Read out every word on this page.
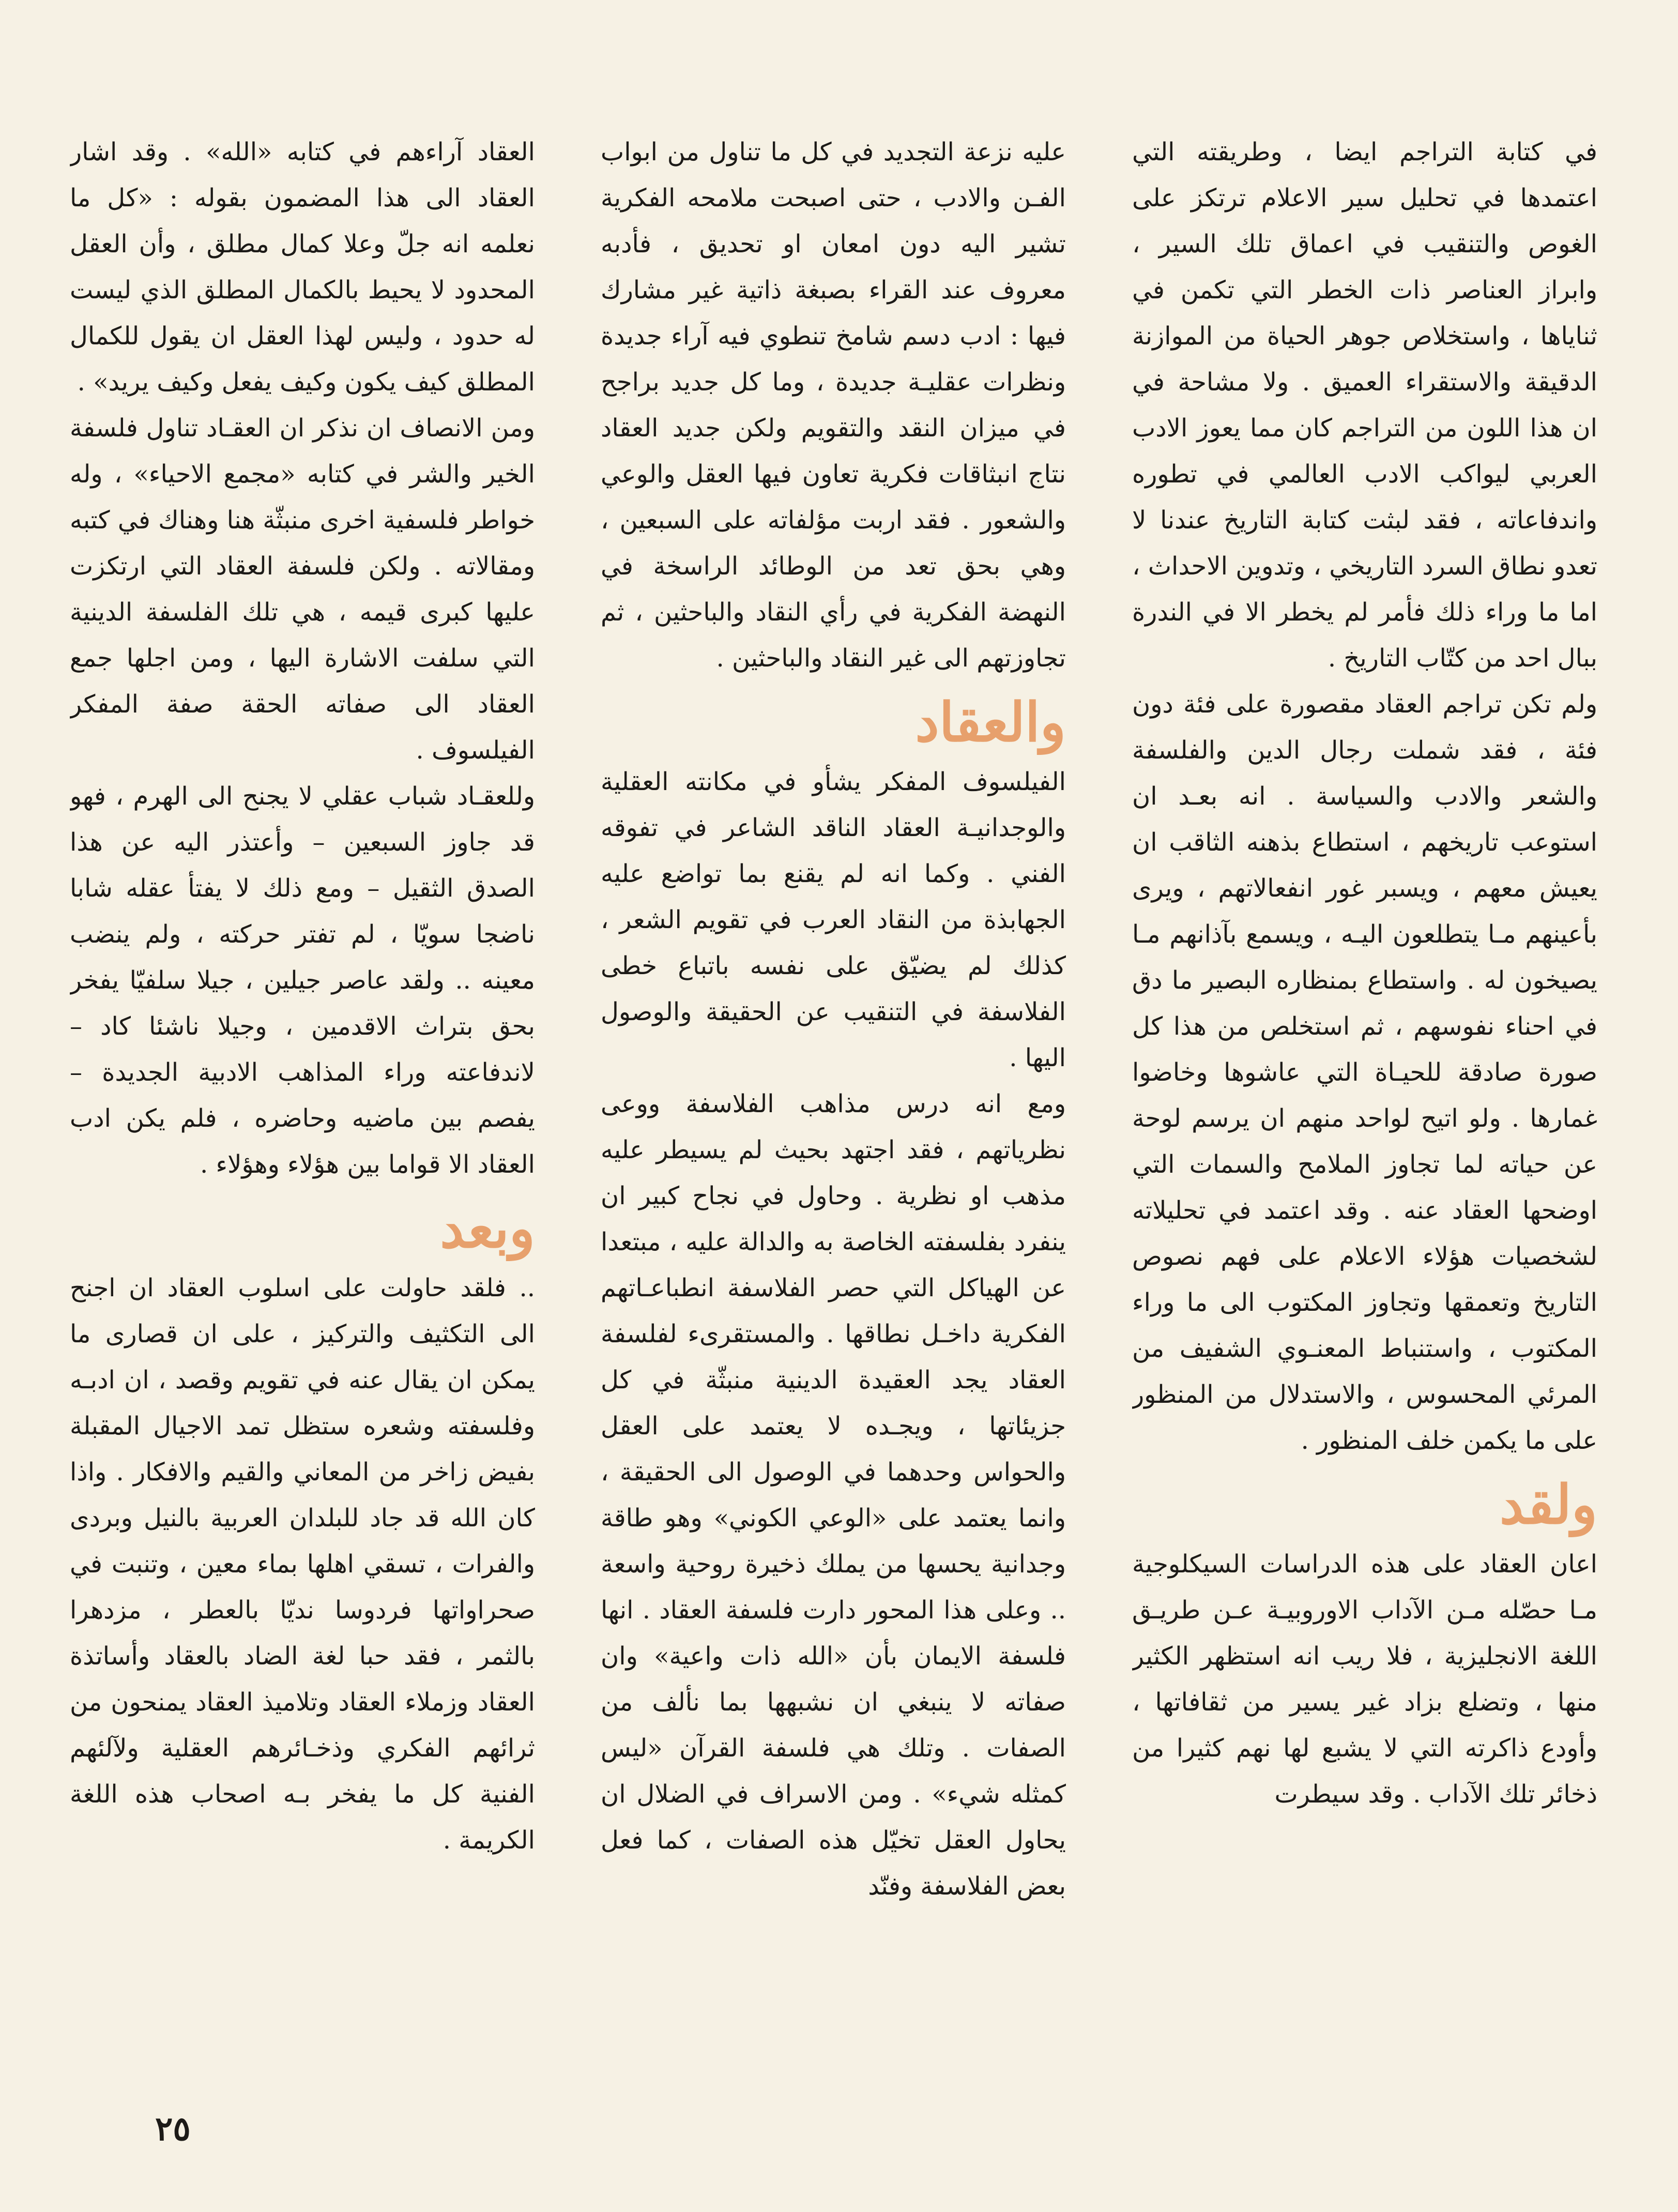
في كتابة التراجم ايضا ، وطريقته التي اعتمدها في تحليل سير الاعلام ترتكز على الغوص والتنقيب في اعماق تلك السير ، وابراز العناصر ذات الخطر التي تكمن في ثناياها ، واستخلاص جوهر الحياة من الموازنة الدقيقة والاستقراء العميق . ولا مشاحة في ان هذا اللون من التراجم كان مما يعوز الادب العربي ليواكب الادب العالمي في تطوره واندفاعاته ، فقد لبثت كتابة التاريخ عندنا لا تعدو نطاق السرد التاريخي ، وتدوين الاحداث ، اما ما وراء ذلك فأمر لم يخطر الا في الندرة ببال احد من كتّاب التاريخ .

ولم تكن تراجم العقاد مقصورة على فئة دون فئة ، فقد شملت رجال الدين والفلسفة والشعر والادب والسياسة . انه بعـد ان استوعب تاريخهم ، استطاع بذهنه الثاقب ان يعيش معهم ، ويسبر غور انفعالاتهم ، ويرى بأعينهم مـا يتطلعون اليـه ، ويسمع بآذانهم مـا يصيخون له . واستطاع بمنظاره البصير ما دق في احناء نفوسهم ، ثم استخلص من هذا كل صورة صادقة للحيـاة التي عاشوها وخاضوا غمارها . ولو اتيح لواحد منهم ان يرسم لوحة عن حياته لما تجاوز الملامح والسمات التي اوضحها العقاد عنه . وقد اعتمد في تحليلاته لشخصيات هؤلاء الاعلام على فهم نصوص التاريخ وتعمقها وتجاوز المكتوب الى ما وراء المكتوب ، واستنباط المعنـوي الشفيف من المرئي المحسوس ، والاستدلال من المنظور على ما يكمن خلف المنظور .

ولقد

اعان العقاد على هذه الدراسات السيكلوجية مـا حصّله مـن الآداب الاوروبيـة عـن طريـق اللغة الانجليزية ، فلا ريب انه استظهر الكثير منها ، وتضلع بزاد غير يسير من ثقافاتها ، وأودع ذاكرته التي لا يشبع لها نهم كثيرا من ذخائر تلك الآداب . وقد سيطرت

عليه نزعة التجديد في كل ما تناول من ابواب الفـن والادب ، حتى اصبحت ملامحه الفكرية تشير اليه دون امعان او تحديق ، فأدبه معروف عند القراء بصبغة ذاتية غير مشارك فيها : ادب دسم شامخ تنطوي فيه آراء جديدة ونظرات عقليـة جديدة ، وما كل جديد براجح في ميزان النقد والتقويم ولكن جديد العقاد نتاج انبثاقات فكرية تعاون فيها العقل والوعي والشعور . فقد اربت مؤلفاته على السبعين ، وهي بحق تعد من الوطائد الراسخة في النهضة الفكرية في رأي النقاد والباحثين ، ثم تجاوزتهم الى غير النقاد والباحثين .

والعقاد

الفيلسوف المفكر يشأو في مكانته العقلية والوجدانيـة العقاد الناقد الشاعر في تفوقه الفني . وكما انه لم يقنع بما تواضع عليه الجهابذة من النقاد العرب في تقويم الشعر ، كذلك لم يضيّق على نفسه باتباع خطى الفلاسفة في التنقيب عن الحقيقة والوصول اليها .

ومع انه درس مذاهب الفلاسفة ووعى نظرياتهم ، فقد اجتهد بحيث لم يسيطر عليه مذهب او نظرية . وحاول في نجاح كبير ان ينفرد بفلسفته الخاصة به والدالة عليه ، مبتعدا عن الهياكل التي حصر الفلاسفة انطباعـاتهم الفكرية داخـل نطاقها . والمستقرىء لفلسفة العقاد يجد العقيدة الدينية منبثّة في كل جزيئاتها ، ويجـده لا يعتمد على العقل والحواس وحدهما في الوصول الى الحقيقة ، وانما يعتمد على «الوعي الكوني» وهو طاقة وجدانية يحسها من يملك ذخيرة روحية واسعة .. وعلى هذا المحور دارت فلسفة العقاد . انها فلسفة الايمان بأن «الله ذات واعية» وان صفاته لا ينبغي ان نشبهها بما نألف من الصفات . وتلك هي فلسفة القرآن «ليس كمثله شيء» . ومن الاسراف في الضلال ان يحاول العقل تخيّل هذه الصفات ، كما فعل بعض الفلاسفة وفنّد

العقاد آراءهم في كتابه «الله» . وقد اشار العقاد الى هذا المضمون بقوله : «كل ما نعلمه انه جلّ وعلا كمال مطلق ، وأن العقل المحدود لا يحيط بالكمال المطلق الذي ليست له حدود ، وليس لهذا العقل ان يقول للكمال المطلق كيف يكون وكيف يفعل وكيف يريد» .

ومن الانصاف ان نذكر ان العقـاد تناول فلسفة الخير والشر في كتابه «مجمع الاحياء» ، وله خواطر فلسفية اخرى منبثّة هنا وهناك في كتبه ومقالاته . ولكن فلسفة العقاد التي ارتكزت عليها كبرى قيمه ، هي تلك الفلسفة الدينية التي سلفت الاشارة اليها ، ومن اجلها جمع العقاد الى صفاته الحقة صفة المفكر الفيلسوف .

وللعقـاد شباب عقلي لا يجنح الى الهرم ، فهو قد جاوز السبعين – وأعتذر اليه عن هذا الصدق الثقيل – ومع ذلك لا يفتأ عقله شابا ناضجا سويّا ، لم تفتر حركته ، ولم ينضب معينه .. ولقد عاصر جيلين ، جيلا سلفيّا يفخر بحق بتراث الاقدمين ، وجيلا ناشئا كاد – لاندفاعته وراء المذاهب الادبية الجديدة – يفصم بين ماضيه وحاضره ، فلم يكن ادب العقاد الا قواما بين هؤلاء وهؤلاء .

وبعد

.. فلقد حاولت على اسلوب العقاد ان اجنح الى التكثيف والتركيز ، على ان قصارى ما يمكن ان يقال عنه في تقويم وقصد ، ان ادبـه وفلسفته وشعره ستظل تمد الاجيال المقبلة بفيض زاخر من المعاني والقيم والافكار . واذا كان الله قد جاد للبلدان العربية بالنيل وبردى والفرات ، تسقي اهلها بماء معين ، وتنبت في صحراواتها فردوسا نديّا بالعطر ، مزدهرا بالثمر ، فقد حبا لغة الضاد بالعقاد وأساتذة العقاد وزملاء العقاد وتلاميذ العقاد يمنحون من ثرائهم الفكري وذخـائرهم العقلية ولآلئهم الفنية كل ما يفخر بـه اصحاب هذه اللغة الكريمة .

٢٥
